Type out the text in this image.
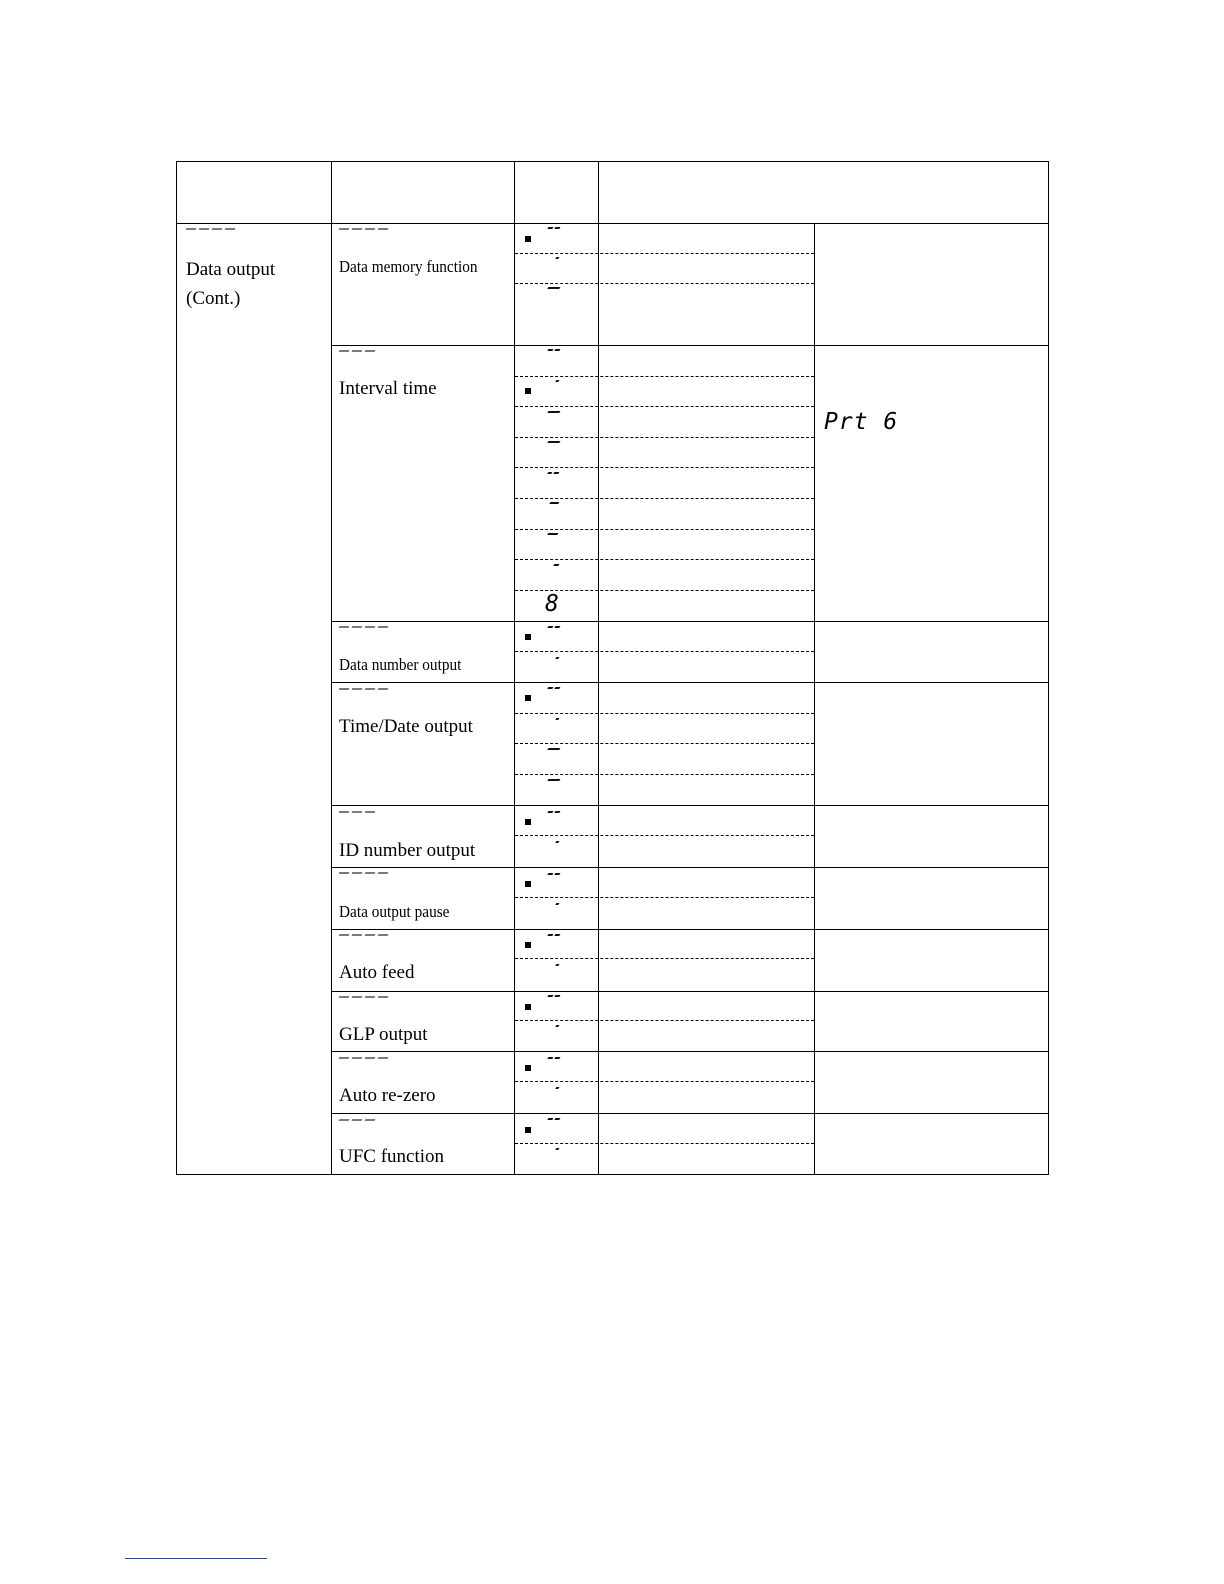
Data output
(Cont.)
Data memory function
Interval time
Data number output
Time/Date output
ID number output
Data output pause
Auto feed
GLP output
Auto re-zero
UFC function
8
Prt 6
